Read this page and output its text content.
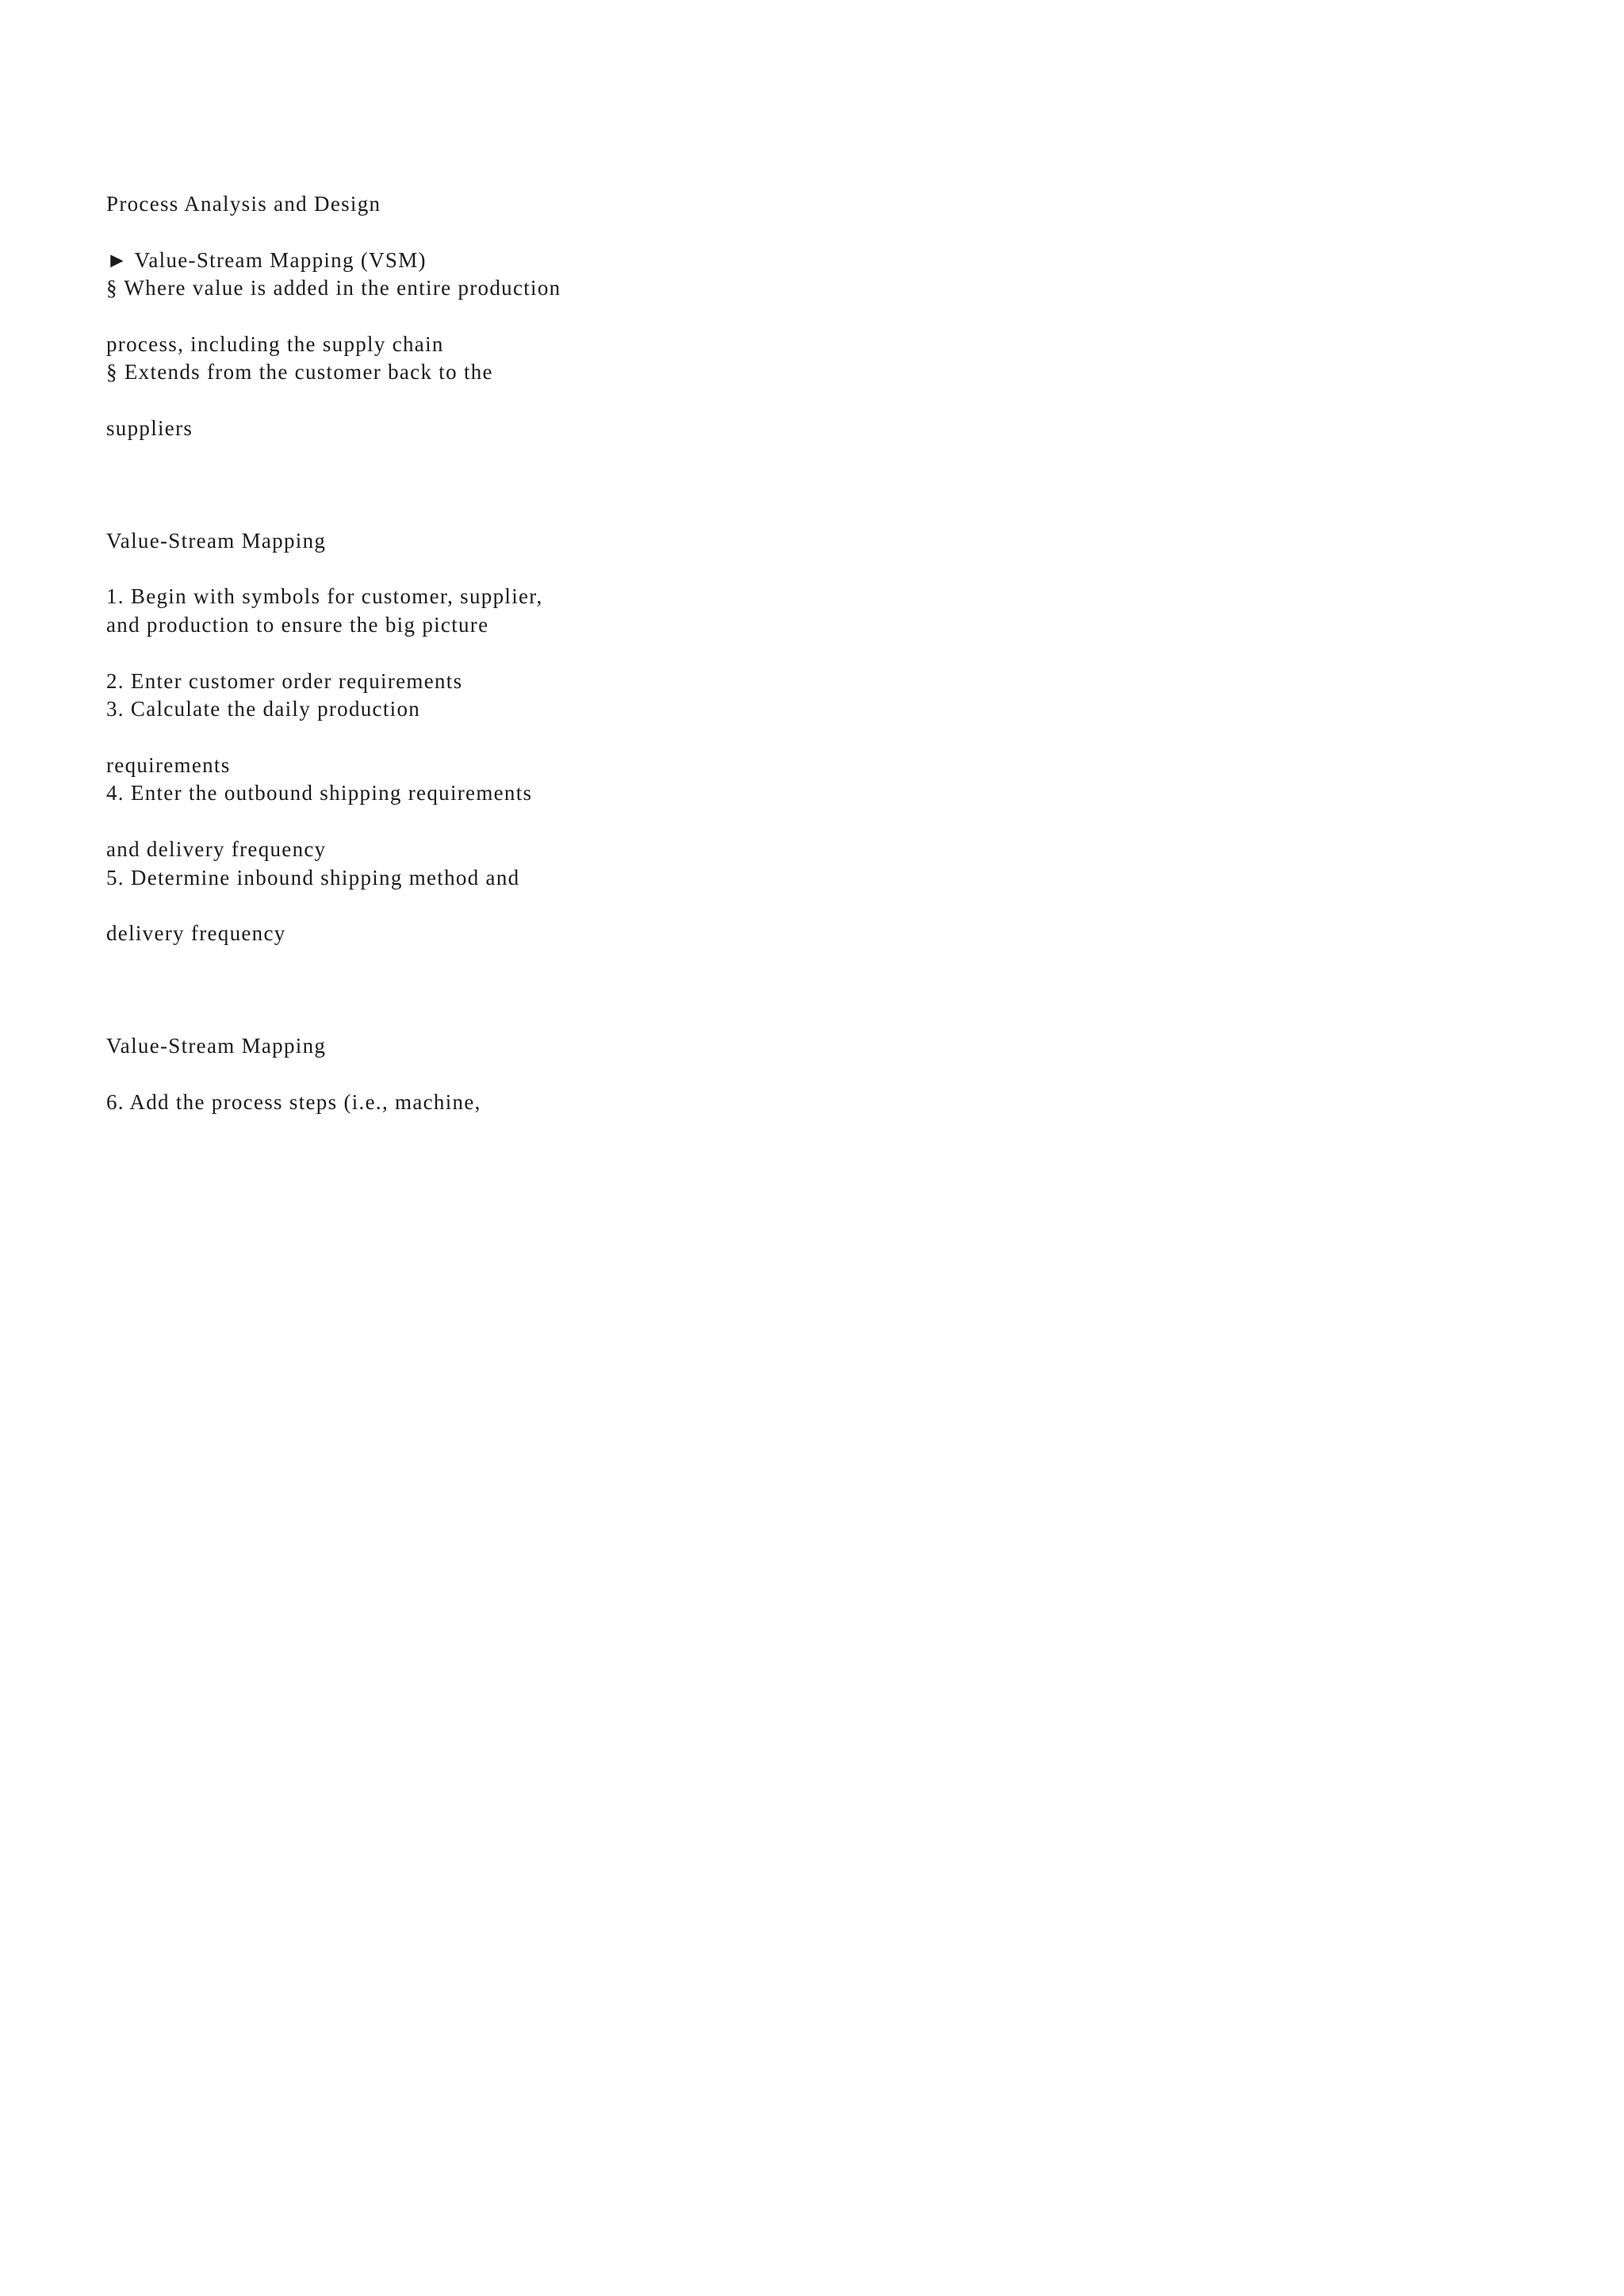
Process Analysis and Design

► Value-Stream Mapping (VSM)

§ Where value is added in the entire production

process, including the supply chain

§ Extends from the customer back to the

suppliers

Value-Stream Mapping

1. Begin with symbols for customer, supplier,

and production to ensure the big picture

2. Enter customer order requirements

3. Calculate the daily production

requirements

4. Enter the outbound shipping requirements

and delivery frequency

5. Determine inbound shipping method and

delivery frequency

Value-Stream Mapping

6. Add the process steps (i.e., machine,
